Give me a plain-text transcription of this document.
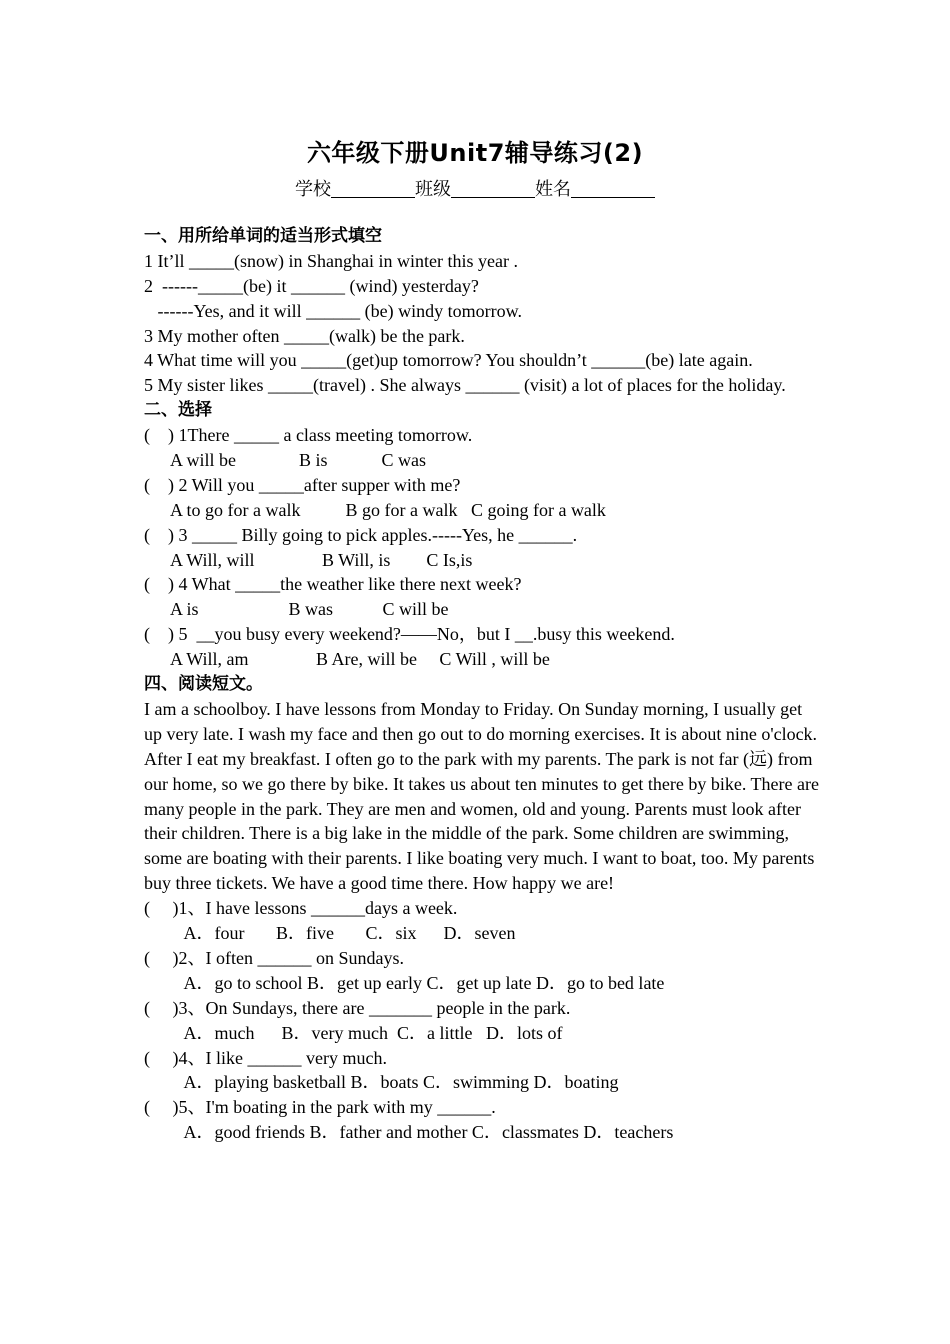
六年级下册Unit7辅导练习(2)
学校	班级	姓名
一、用所给单词的适当形式填空
1 It’ll _____(snow) in Shanghai in winter this year .
2  ------_____(be) it ______ (wind) yesterday?
------Yes, and it will ______ (be) windy tomorrow.
3 My mother often _____(walk) be the park.
4 What time will you _____(get)up tomorrow? You shouldn’t ______(be) late again.
5 My sister likes _____(travel) . She always ______ (visit) a lot of places for the holiday.
二、选择
(    ) 1There _____ a class meeting tomorrow.
A will be              B is            C was
(    ) 2 Will you _____after supper with me?
A to go for a walk          B go for a walk   C going for a walk
(    ) 3 _____ Billy going to pick apples.-----Yes, he ______.
A Will, will               B Will, is        C Is,is
(    ) 4 What _____the weather like there next week?
A is                    B was           C will be
(    ) 5  __you busy every weekend?——No，but I __.busy this weekend.
A Will, am               B Are, will be     C Will , will be
四、阅读短文。
I am a schoolboy. I have lessons from Monday to Friday. On Sunday morning, I usually get up very late. I wash my face and then go out to do morning exercises. It is about nine o'clock. After I eat my breakfast. I often go to the park with my parents. The park is not far (远) from our home, so we go there by bike. It takes us about ten minutes to get there by bike. There are many people in the park. They are men and women, old and young. Parents must look after their children. There is a big lake in the middle of the park. Some children are swimming, some are boating with their parents. I like boating very much. I want to boat, too. My parents buy three tickets. We have a good time there. How happy we are!
(     )1、I have lessons ______days a week.
A．four       B．five       C．six      D．seven
(     )2、I often ______ on Sundays.
A．go to school B．get up early C．get up late D．go to bed late
(     )3、On Sundays, there are _______ people in the park.
A．much      B．very much  C．a little   D．lots of
(     )4、I like ______ very much.
A．playing basketball B．boats C．swimming D．boating
(     )5、I'm boating in the park with my ______.
A．good friends B．father and mother C．classmates D．teachers
